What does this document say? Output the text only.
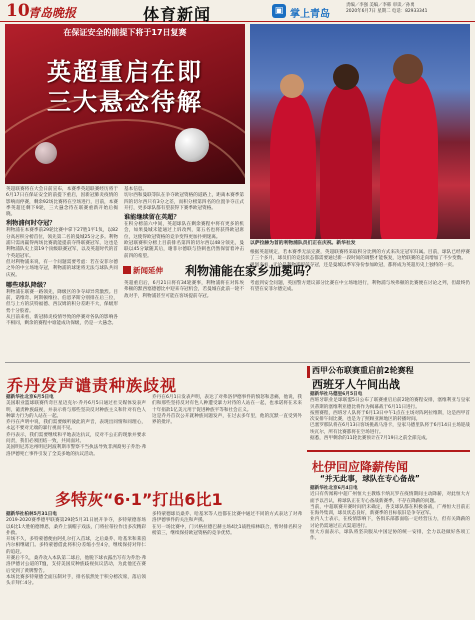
10
青岛晚报	体育新闻	▣ 掌上青岛
责编／李强 美编／李韩 审读／孙勇
2020年6月7日 星期二 电话：82933341
在保证安全的前提下将于17日复赛
英超重启在即
三大悬念待解

英超联赛将在大会日前宣布，本赛季英超联赛经历将于6月17日在保证安全的前提下重启，因新冠肺炎疫情的影响而停赛，剩余92场比赛将在空场进行，目前，本赛季英超还剩下9轮，三大悬念待在联赛重新开始后揭晓。

利物浦何时夺冠？

利物浦在本赛季前29轮比赛中拿下27胜1平1负，以82分高居积分榜首位，领先第二名的曼城25分之多。利物浦只需再赢得两场比赛就能提前夺得联赛冠军，这也是利物浦队史上第19个顶级联赛冠军，以及英超时代的首个英超冠军。

但对利物浦来说，有一个问题需要考虑：若在安菲尔德之外的中立场地夺冠，利物浦的球迷将无法与球队共同庆祝。

哪些球队降级？

利物浦在联赛一路领先，降级区的争夺却异常激烈。目前，诺维奇、阿斯顿维拉、伯恩茅斯分别排在后三位，但与上方的沃特福德、西汉姆的积分差距不大，保级形势十分胶着。

从目前来看，新冠肺炎疫情导致的停赛对各队的影响各不相同，剩余的赛程中谁能成功保级，仍是一大悬念。

基本信息。

切尔西和曼联等队在争夺欧冠资格的道路上，距离本赛季第四的切尔西只有3分之差，而积分榜第四名的位置争夺正式开打，更多球队都有望获得下赛季欧冠资格。

谁能继续留在英超？

在积分榜前六中间，英超球队在剩余赛程中将有更多的机会，如果曼城未能通过上诉改判，第五名也将获得欧冠席位，这使得欧冠资格的竞争变得更加扑朔迷离。

欧冠联赛积分榜上目前排名第四的切尔西以48分领先，曼联以45分紧随其后，谢菲尔德联与热刺也仍然保留着冲击前四的希望。

以萨拉赫为首的利物浦队员们正在庆祝。新华社发

根据英超规定，若本赛季无法完赛，英超联赛将采取积分比例的方式来决定冠军归属。目前，球队已经停赛了三个多月，球员们的竞技状态都需要通过新一段时间的调整才能恢复，这给联赛的走向增加了不少变数。

规划来看，无论是利物浦提前夺冠，还是曼城以季军身份参加欧冠，都将成为英超历史上独特的一页。

新闻延伸 利物浦能在家乡加冕吗？

英超重启后，6月21日将有34轮赛事，利物浦将在对阵埃弗顿的默西塞德德比中迎来夺冠机会，若曼城在此前一轮不敌对手，利物浦甚至可能在客场提前夺冠。

考虑到安全问题，英国警方建议部分比赛在中立场地进行，利物浦与埃弗顿的比赛便在讨论之列，但最终仍有望在安菲尔德完成。

乔丹发声谴责种族歧视

据新华社北京6月5日电

美国职业篮球联赛传奇巨星迈克尔·乔丹6月5日通过社交媒体发表声明，谴责种族歧视，并表示将与那些坚决反对种族主义和针对有色人种暴力行为的人站在一起。

乔丹在声明中说，我们需要倾听彼此的声音，表现出同情和同理心，永远不要对无端的暴行视而不见。

乔丹表示，我们需要继续和平地表达抗议，反对不公正的现象并要求问责，我们必须团结一致，共同面对。

美国明尼苏达州明尼阿波利斯市警察不当执法导致非洲裔男子乔治·弗洛伊德死亡事件引发了全美多地的抗议活动。

多特灰“6·1”打出6比1

据新华社柏林5月31日电

2019-2020赛季德甲联赛第29轮5月31日展开争夺，多特蒙德客场以6比1大胜帕德博恩，桑乔上演帽子戏法，门将拉蒂拉作出多次精彩扑救。

开场不久，多特蒙德便由阿扎尔打入首球，之后桑乔、哈基米和莱茵内尔相继破门。多特蒙德借此将积分差缩小至4分，继续保持对拜仁的追赶。

开赛后不久，桑乔攻入本队第二球后，他脱下球衣露出写有为乔治·弗洛伊德讨公道的T恤，支持美国反种族歧视抗议活动，为此他还在赛后受到了黄牌警告。

本场比赛多特蒙德全面压制对手，排名依然处于积分榜次席，落后领头羊拜仁4分。

乔丹在6月1日发表声明，表达了对弗洛伊德事件的愤怒和悲痛，他说，我们和那些坚持反对有色人种遭受暴力对待的人站在一起，也承诺将在未来十年捐款1亿美元用于促进种族平等和社会正义。

这是乔丹首次公开就种族问题发声，在过去多年里，他的沉默一直受到外界的批评。

多特蒙德球员桑乔、哈基米等人也都在比赛中通过不同的方式表达了对弗洛伊德事件的关注和声援。

在另一场比赛中，门兴格拉德巴赫主场4比1战胜柏林联合，暂时排名积分榜第三，继续保持欧冠资格的竞争优势。

西甲公布联赛重启前2轮赛程
西班牙人午间出战

据新华社马德里6月5日电

西班牙职业足球联盟5日公布了联赛重启后前2轮的赛程安排，塞维利亚与皇家贝蒂斯的塞维利亚德比将作为揭幕战于6月11日进行。

按照赛程，西班牙人队将于6月13日中午1点在主场对阵阿拉维斯，这是西甲首次安排午间比赛，也是为了照顾亚洲地区的转播时间。

巴塞罗那队将在6月13日客场挑战马洛卡，皇家马德里队将于6月14日主场迎战埃瓦尔，所有比赛都将在空场进行。

据悉，西甲剩余的11轮比赛预计在7月19日之前全部完成。

杜伊回应降薪传闻
“并无此事，球队在专心备战”

据新华社北京6月4日电

近日有传闻称中超广州恒大主教练卡纳瓦罗在疫情期间主动降薪，对此恒大方面予以否认，称球队正在专心备战新赛季，不存在降薪的问题。

当前，中超联赛开赛时间仍未确定，各支球队都在积极备战，广州恒大目前正在海外集训，球员状态良好，新赛季的目标依旧是争夺冠军。

业内人士表示，在疫情影响下，各俱乐部都面临一定经营压力，但有关降薪的讨论仍需通过正式渠道进行。

恒大方面表示，球队将坚决服从中国足协的统一安排，全力以赴做好各项工作。
